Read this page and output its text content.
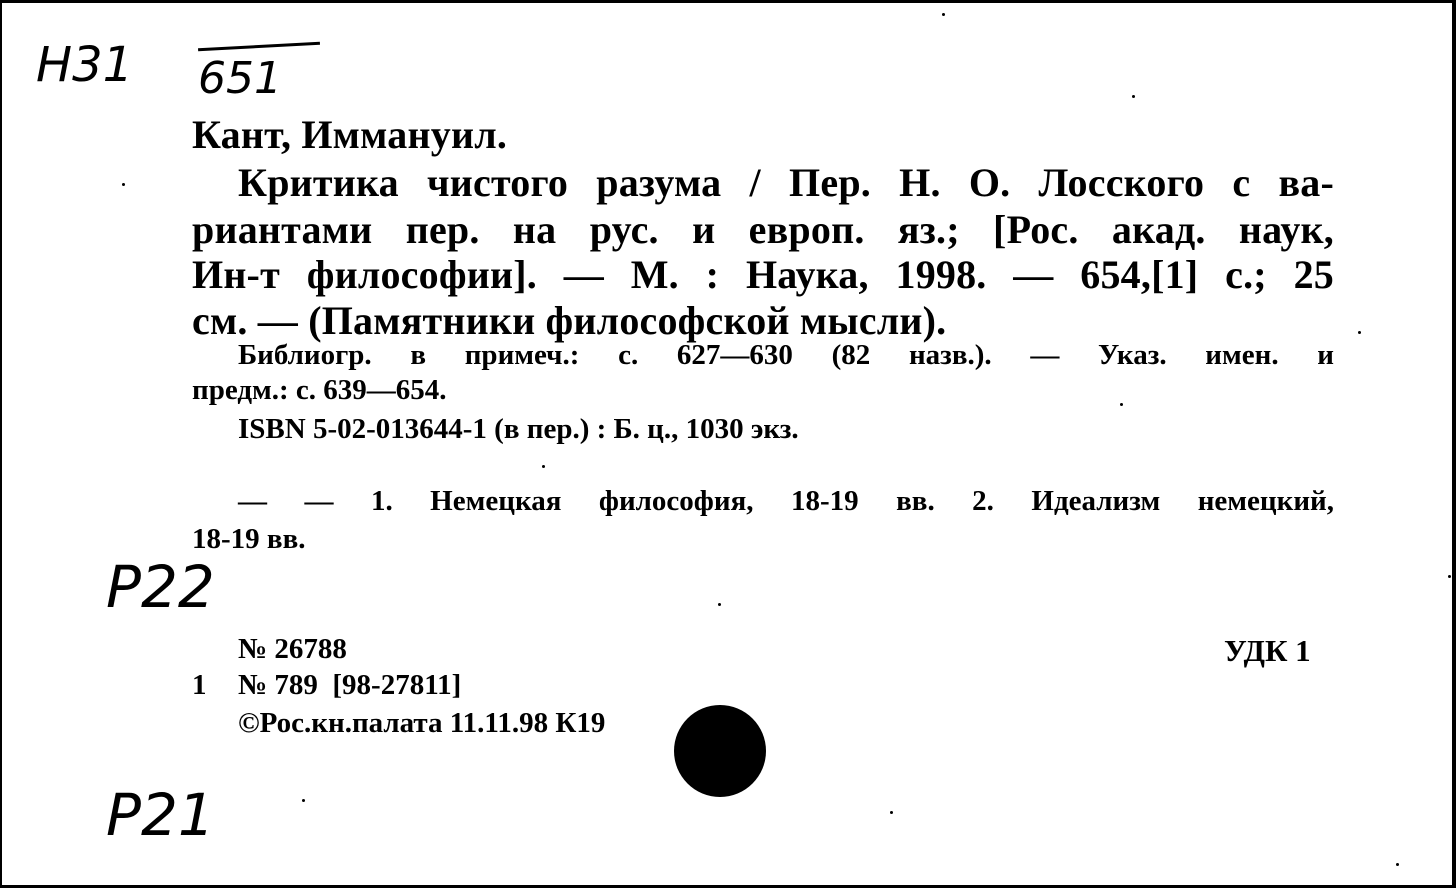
H31 651

Кант, Иммануил.

Критика чистого разума / Пер. Н. О. Лосского с ва-

риантами пер. на рус. и европ. яз.; [Рос. акад. наук,

Ин-т философии]. — М. : Наука, 1998. — 654,[1] с.; 25

см. — (Памятники философской мысли).

Библиогр. в примеч.: с. 627—630 (82 назв.). — Указ. имен. и

предм.: с. 639—654.

ISBN 5-02-013644-1 (в пер.) : Б. ц., 1030 экз.

— — 1. Немецкая философия, 18-19 вв. 2. Идеализм немецкий,

18-19 вв.

P22

№ 26788	УДК 1

1 № 789  [98-27811]

©Рос.кн.палата 11.11.98 К19

P21
